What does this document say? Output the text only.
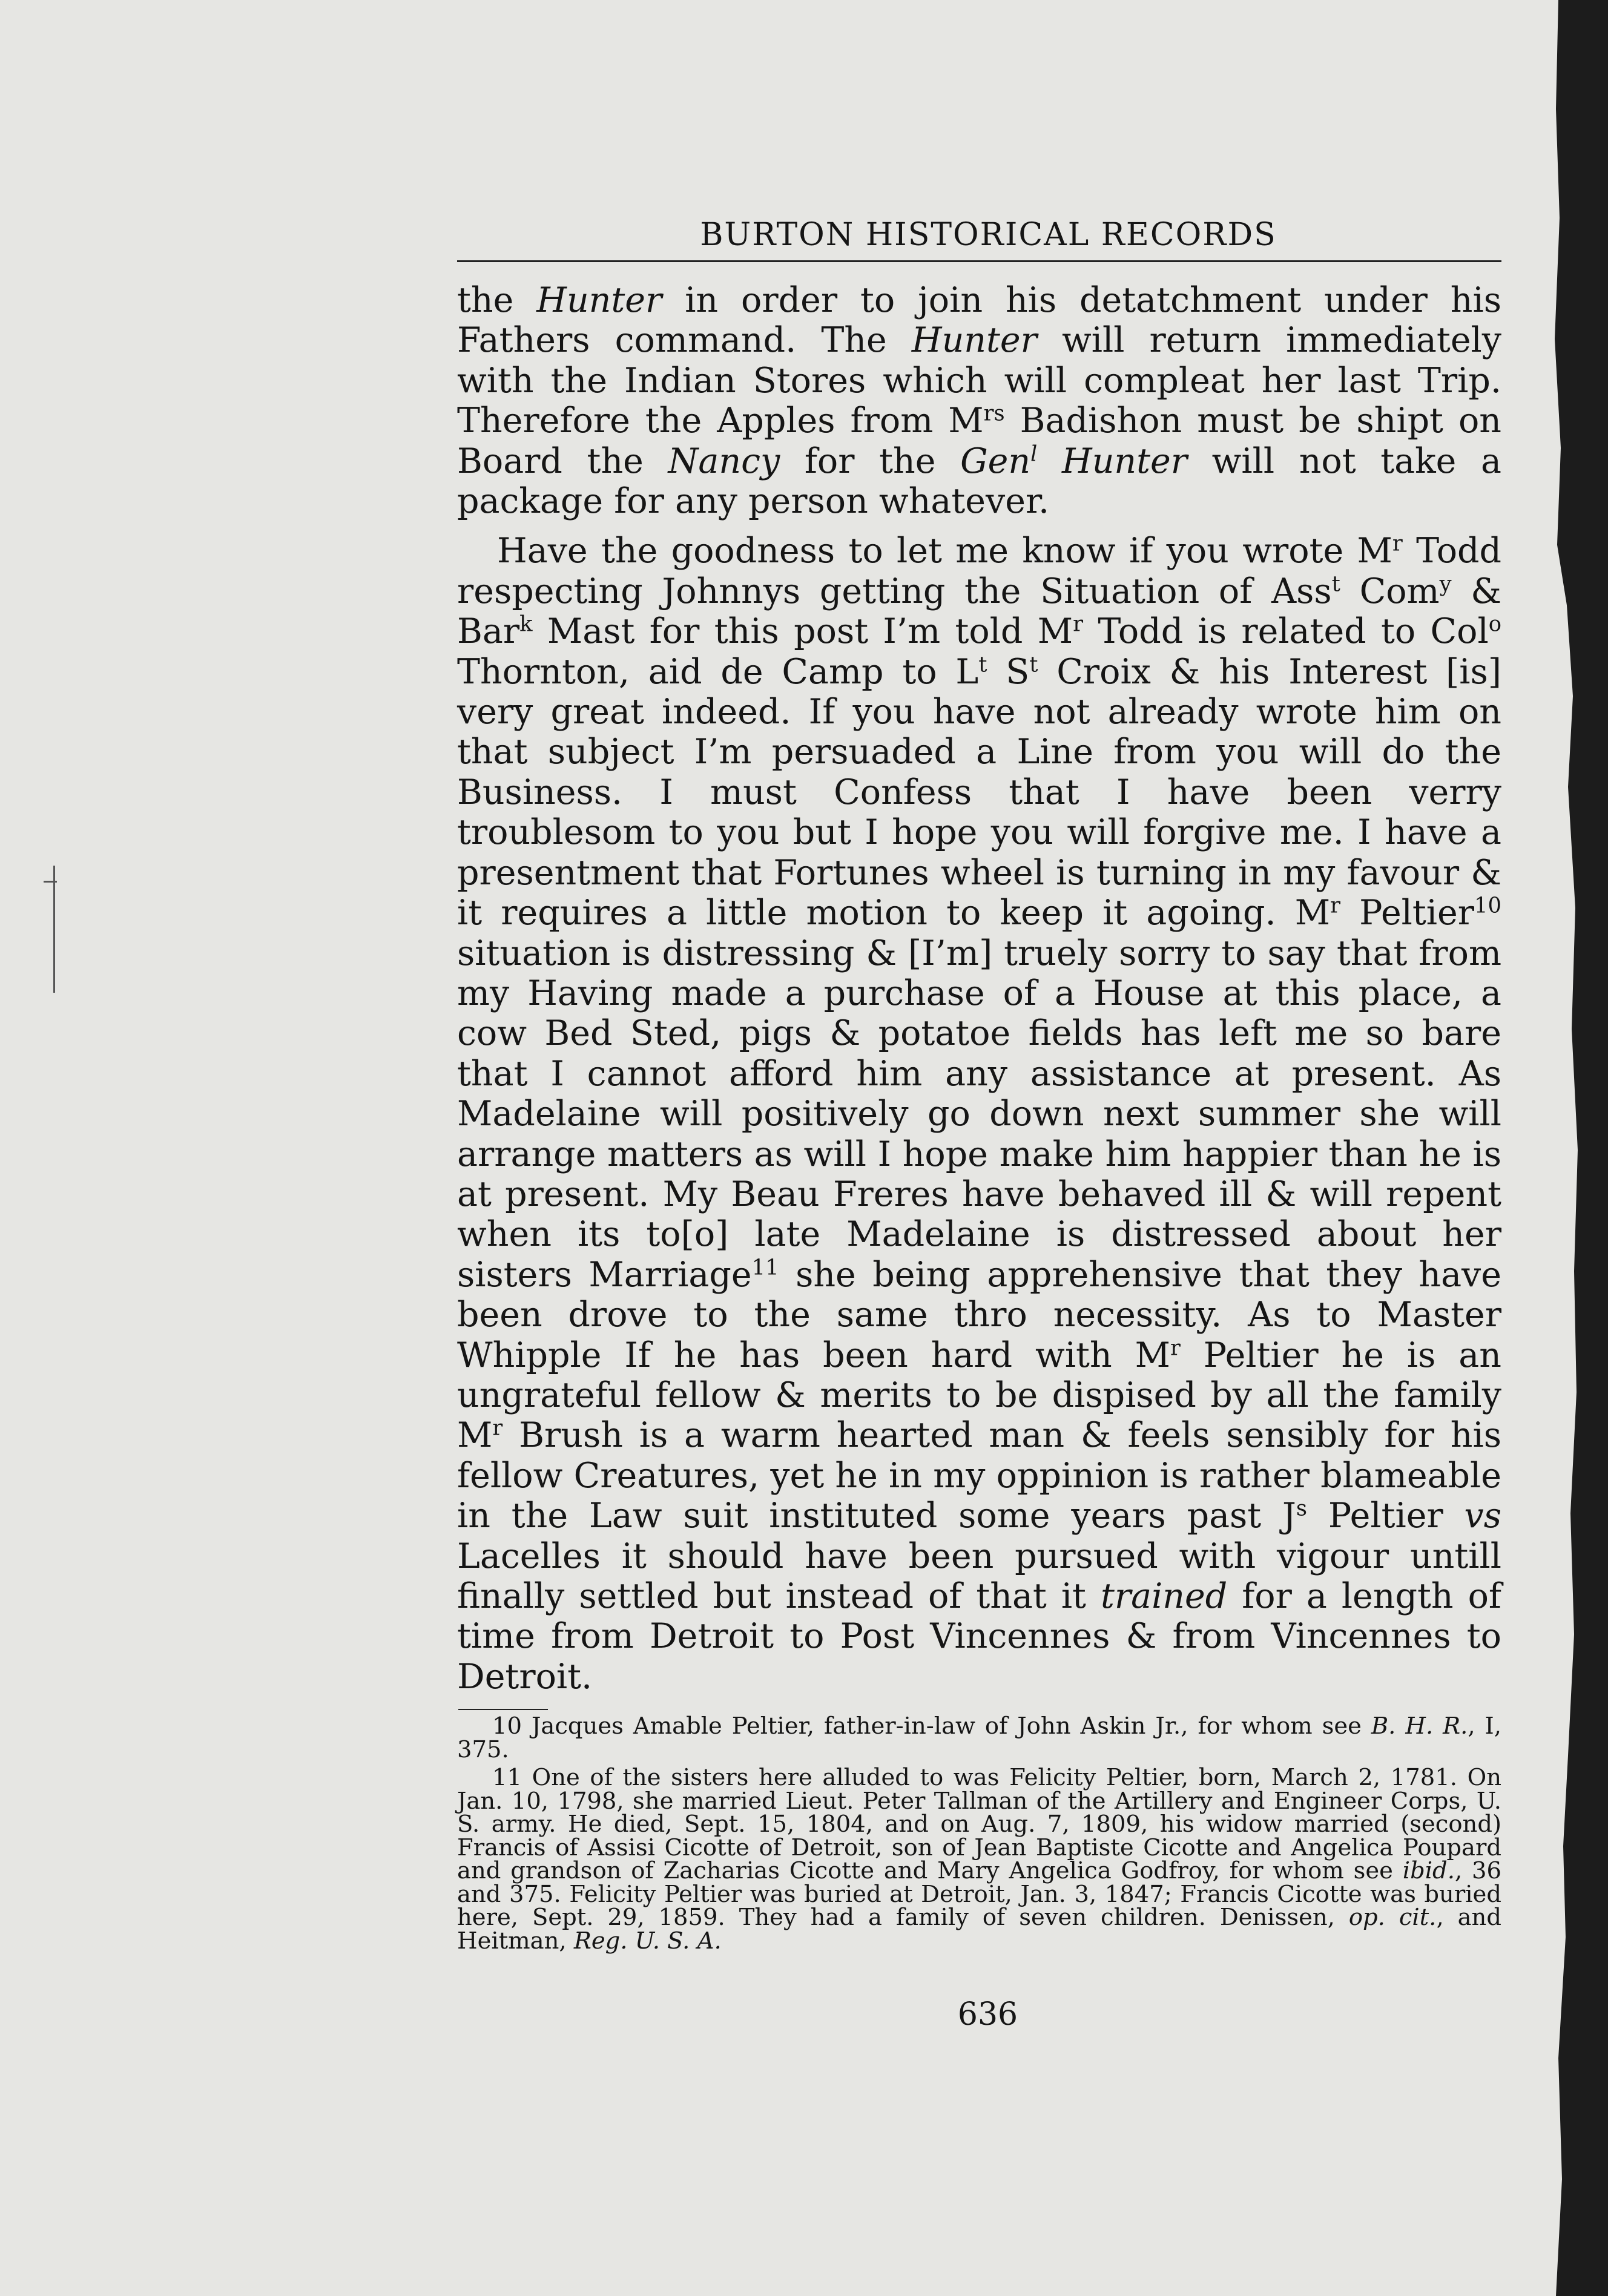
BURTON HISTORICAL RECORDS

the Hunter in order to join his detatchment under his Fathers command. The Hunter will return immediately with the Indian Stores which will compleat her last Trip. Therefore the Apples from $M^{rs}$ Badishon must be shipt on Board the Nancy for the Gen$^l$ Hunter will not take a package for any person whatever.

Have the goodness to let me know if you wrote $M^r$ Todd respecting Johnnys getting the Situation of Ass$^t$ Com$^y$ & Bar$^k$ Mast for this post I’m told $M^r$ Todd is related to Col$^o$ Thornton, aid de Camp to $L^t$ $S^t$ Croix & his Interest [is] very great indeed. If you have not already wrote him on that subject I’m persuaded a Line from you will do the Business. I must Confess that I have been verry troublesom to you but I hope you will forgive me. I have a presentment that Fortunes wheel is turning in my favour & it requires a little motion to keep it agoing. $M^r$ Peltier$^{10}$ situation is distressing & [I’m] truely sorry to say that from my Having made a purchase of a House at this place, a cow Bed Sted, pigs & potatoe fields has left me so bare that I cannot afford him any assistance at present. As Madelaine will positively go down next summer she will arrange matters as will I hope make him happier than he is at present. My Beau Freres have behaved ill & will repent when its to[o] late Madelaine is distressed about her sisters Marriage$^{11}$ she being apprehensive that they have been drove to the same thro necessity. As to Master Whipple If he has been hard with $M^r$ Peltier he is an ungrateful fellow & merits to be dispised by all the family $M^r$ Brush is a warm hearted man & feels sensibly for his fellow Creatures, yet he in my oppinion is rather blameable in the Law suit instituted some years past $J^s$ Peltier vs Lacelles it should have been pursued with vigour untill finally settled but instead of that it trained for a length of time from Detroit to Post Vincennes & from Vincennes to Detroit.

10 Jacques Amable Peltier, father-in-law of John Askin Jr., for whom see B. H. R., I, 375.

11 One of the sisters here alluded to was Felicity Peltier, born, March 2, 1781. On Jan. 10, 1798, she married Lieut. Peter Tallman of the Artillery and Engineer Corps, U. S. army. He died, Sept. 15, 1804, and on Aug. 7, 1809, his widow married (second) Francis of Assisi Cicotte of Detroit, son of Jean Baptiste Cicotte and Angelica Poupard and grandson of Zacharias Cicotte and Mary Angelica Godfroy, for whom see ibid., 36 and 375. Felicity Peltier was buried at Detroit, Jan. 3, 1847; Francis Cicotte was buried here, Sept. 29, 1859. They had a family of seven children. Denissen, op. cit., and Heitman, Reg. U. S. A.

636
